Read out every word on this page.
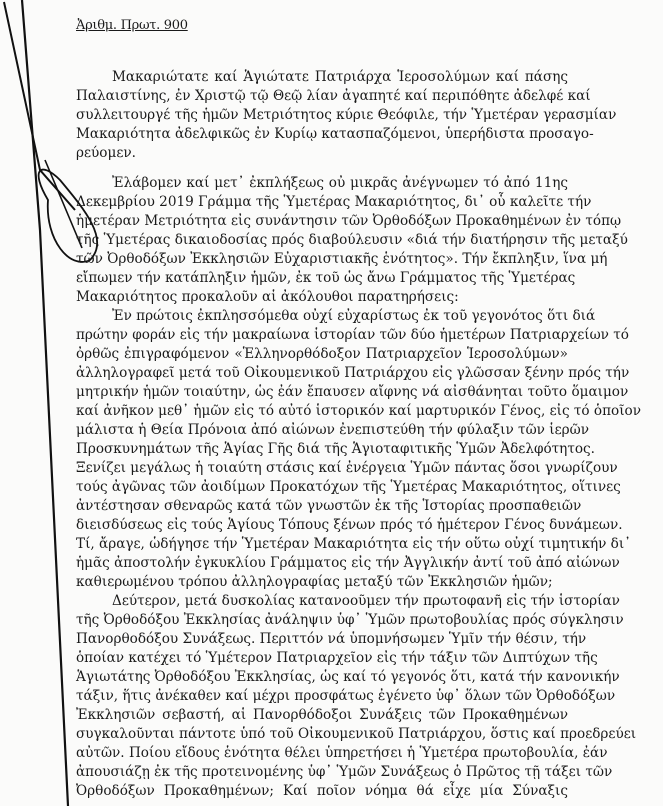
Ἀριθμ. Πρωτ. 900
Μακαριώτατε καί Ἁγιώτατε Πατριάρχα Ἱεροσολύμων καί πάσης
Παλαιστίνης, ἐν Χριστῷ τῷ Θεῷ λίαν ἀγαπητέ καί περιπόθητε ἀδελφέ καί
συλλειτουργέ τῆς ἡμῶν Μετριότητος κύριε Θεόφιλε, τήν Ὑμετέραν γερασμίαν
Μακαριότητα ἀδελφικῶς ἐν Κυρίῳ κατασπαζόμενοι, ὑπερήδιστα προσαγο-
ρεύομεν.
Ἐλάβομεν καί μετ᾽ ἐκπλήξεως οὐ μικρᾶς ἀνέγνωμεν τό ἀπό 11ης
Δεκεμβρίου 2019 Γράμμα τῆς Ὑμετέρας Μακαριότητος, δι᾽ οὗ καλεῖτε τήν
ἡμετέραν Μετριότητα εἰς συνάντησιν τῶν Ὀρθοδόξων Προκαθημένων ἐν τόπῳ
τῆς Ὑμετέρας δικαιοδοσίας πρός διαβούλευσιν «διά τήν διατήρησιν τῆς μεταξύ
τῶν Ὀρθοδόξων Ἐκκλησιῶν Εὐχαριστιακῆς ἑνότητος». Τήν ἔκπληξιν, ἵνα μή
εἴπωμεν τήν κατάπληξιν ἡμῶν, ἐκ τοῦ ὡς ἄνω Γράμματος τῆς Ὑμετέρας
Μακαριότητος προκαλοῦν αἱ ἀκόλουθοι παρατηρήσεις:
Ἐν πρώτοις ἐκπλησσόμεθα οὐχί εὐχαρίστως ἐκ τοῦ γεγονότος ὅτι διά
πρώτην φοράν εἰς τήν μακραίωνα ἱστορίαν τῶν δύο ἡμετέρων Πατριαρχείων τό
ὀρθῶς ἐπιγραφόμενον «Ἑλληνορθόδοξον Πατριαρχεῖον Ἱεροσολύμων»
ἀλληλογραφεῖ μετά τοῦ Οἰκουμενικοῦ Πατριάρχου εἰς γλῶσσαν ξένην πρός τήν
μητρικήν ἡμῶν τοιαύτην, ὡς ἐάν ἔπαυσεν αἴφνης νά αἰσθάνηται τοῦτο ὅμαιμον
καί ἀνῆκον μεθ᾽ ἡμῶν εἰς τό αὐτό ἱστορικόν καί μαρτυρικόν Γένος, εἰς τό ὁποῖον
μάλιστα ἡ Θεία Πρόνοια ἀπό αἰώνων ἐνεπιστεύθη τήν φύλαξιν τῶν ἱερῶν
Προσκυνημάτων τῆς Ἁγίας Γῆς διά τῆς Ἁγιοταφιτικῆς Ὑμῶν Ἀδελφότητος.
Ξενίζει μεγάλως ἡ τοιαύτη στάσις καί ἐνέργεια Ὑμῶν πάντας ὅσοι γνωρίζουν
τούς ἀγῶνας τῶν ἀοιδίμων Προκατόχων τῆς Ὑμετέρας Μακαριότητος, οἵτινες
ἀντέστησαν σθεναρῶς κατά τῶν γνωστῶν ἐκ τῆς Ἱστορίας προσπαθειῶν
διεισδύσεως εἰς τούς Ἁγίους Τόπους ξένων πρός τό ἡμέτερον Γένος δυνάμεων.
Τί, ἄραγε, ὡδήγησε τήν Ὑμετέραν Μακαριότητα εἰς τήν οὕτω οὐχί τιμητικήν δι᾽
ἡμᾶς ἀποστολήν ἐγκυκλίου Γράμματος εἰς τήν Ἀγγλικήν ἀντί τοῦ ἀπό αἰώνων
καθιερωμένου τρόπου ἀλληλογραφίας μεταξύ τῶν Ἐκκλησιῶν ἡμῶν;
Δεύτερον, μετά δυσκολίας κατανοοῦμεν τήν πρωτοφανῆ εἰς τήν ἱστορίαν
τῆς Ὀρθοδόξου Ἐκκλησίας ἀνάληψιν ὑφ᾽ Ὑμῶν πρωτοβουλίας πρός σύγκλησιν
Πανορθοδόξου Συνάξεως. Περιττόν νά ὑπομνήσωμεν Ὑμῖν τήν θέσιν, τήν
ὁποίαν κατέχει τό Ὑμέτερον Πατριαρχεῖον εἰς τήν τάξιν τῶν Διπτύχων τῆς
Ἁγιωτάτης Ὀρθοδόξου Ἐκκλησίας, ὡς καί τό γεγονός ὅτι, κατά τήν κανονικήν
τάξιν, ἥτις ἀνέκαθεν καί μέχρι προσφάτως ἐγένετο ὑφ᾽ ὅλων τῶν Ὀρθοδόξων
Ἐκκλησιῶν σεβαστή, αἱ Πανορθόδοξοι Συνάξεις τῶν Προκαθημένων
συγκαλοῦνται πάντοτε ὑπό τοῦ Οἰκουμενικοῦ Πατριάρχου, ὅστις καί προεδρεύει
αὐτῶν. Ποίου εἴδους ἑνότητα θέλει ὑπηρετήσει ἡ Ὑμετέρα πρωτοβουλία, ἐάν
ἀπουσιάζῃ ἐκ τῆς προτεινομένης ὑφ᾽ Ὑμῶν Συνάξεως ὁ Πρῶτος τῇ τάξει τῶν
Ὀρθοδόξων Προκαθημένων; Καί ποῖον νόημα θά εἶχε μία Σύναξις
